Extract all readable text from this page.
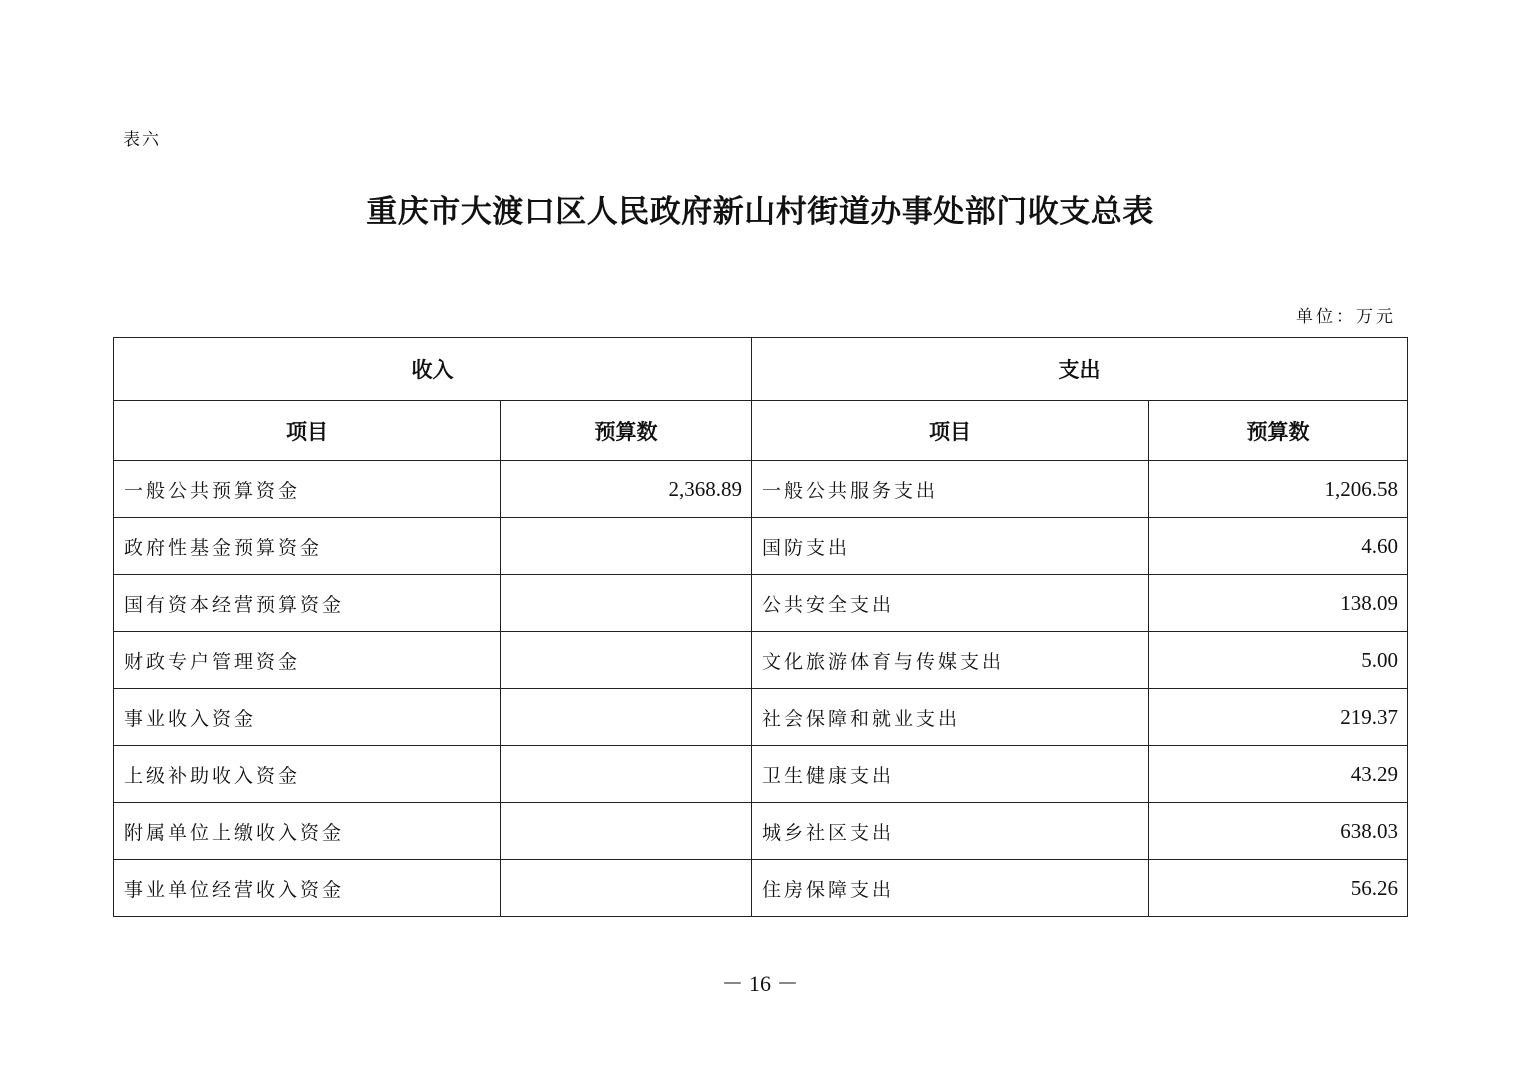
表六
重庆市大渡口区人民政府新山村街道办事处部门收支总表
单位：万元
收入		支出	
项目	预算数	项目	预算数
一般公共预算资金	2,368.89	一般公共服务支出	1,206.58
政府性基金预算资金		国防支出	4.60
国有资本经营预算资金		公共安全支出	138.09
财政专户管理资金		文化旅游体育与传媒支出	5.00
事业收入资金		社会保障和就业支出	219.37
上级补助收入资金		卫生健康支出	43.29
附属单位上缴收入资金		城乡社区支出	638.03
事业单位经营收入资金		住房保障支出	56.26
－ 16 －
